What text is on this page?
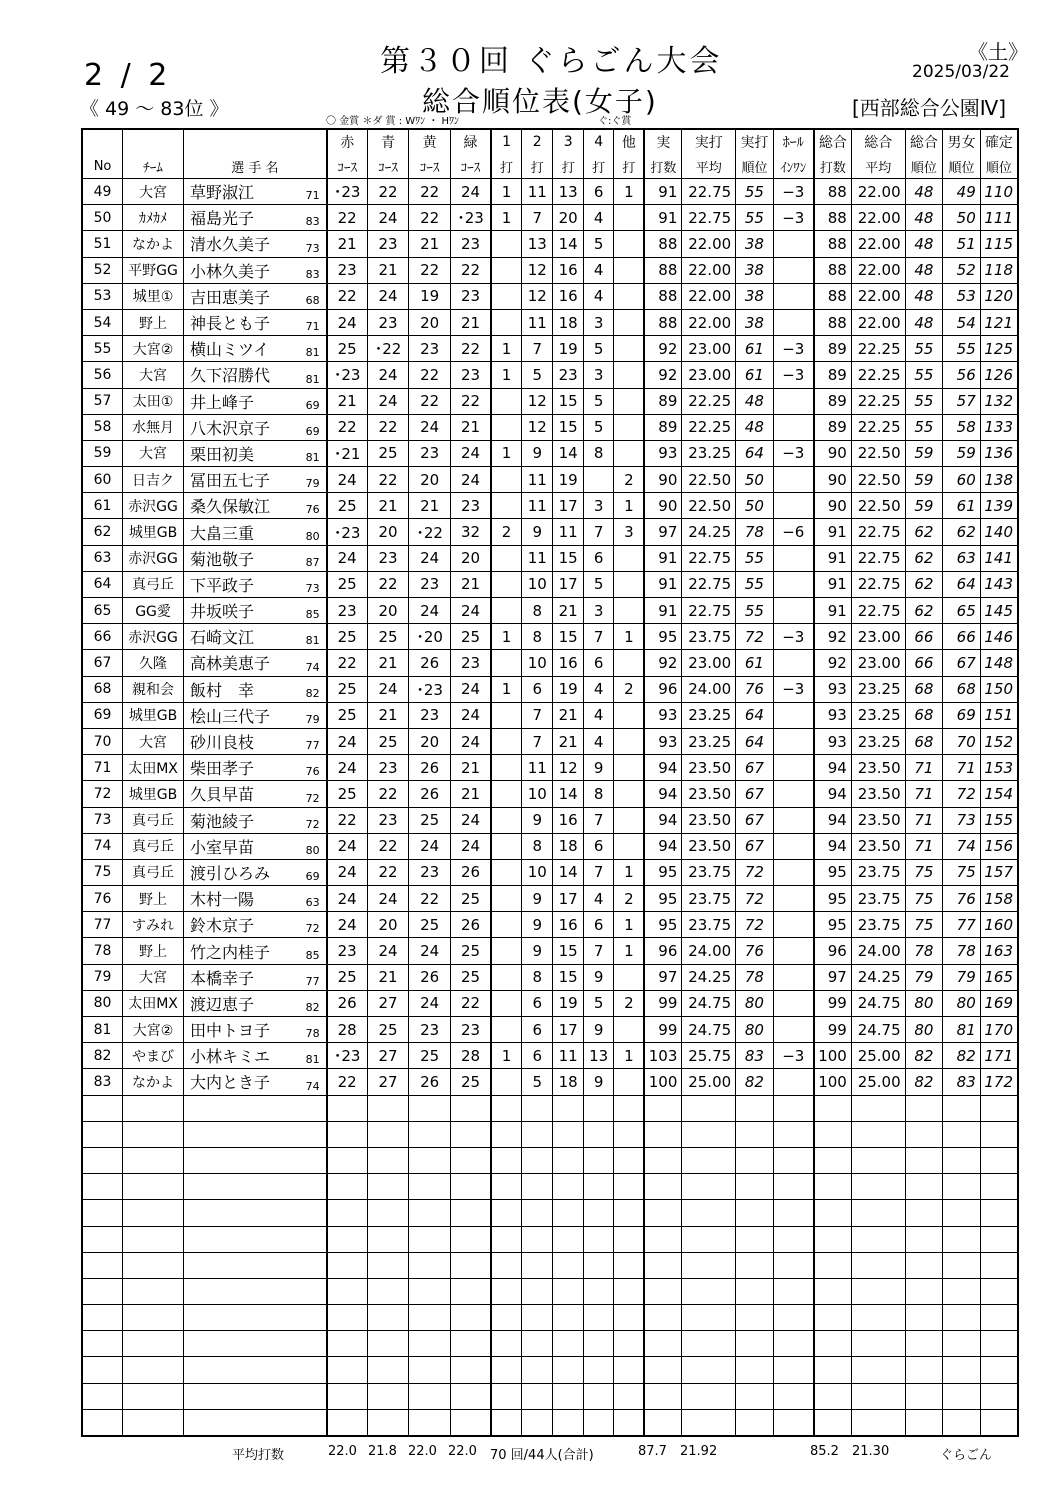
2 / 2
《 49 ～ 83位 》
第３０回 ぐらごん大会
総合順位表(女子)
〇 金賞 ＊ダ 賞 : Wﾜﾝ ・ Hﾜﾝ	ぐ:ぐ賞
《土》
2025/03/22
[西部総合公園Ⅳ]
			赤	青	黄	緑	1	2	3	4	他	実	実打	実打	ﾎｰﾙ	総合	総合	総合	男女	確定
No	ﾁｰﾑ	選 手 名	ｺｰｽ	ｺｰｽ	ｺｰｽ	ｺｰｽ	打	打	打	打	打	打数	平均	順位	ｲﾝﾜﾝ	打数	平均	順位	順位	順位
49	大宮	草野淑江 71	･23	22	22	24	1	11	13	6	1	91	22.75	55	−3	88	22.00	48	49	110
50	ｶﾒｶﾒ	福島光子 83	22	24	22	･23	1	7	20	4		91	22.75	55	−3	88	22.00	48	50	111
51	なかよ	清水久美子 73	21	23	21	23		13	14	5		88	22.00	38		88	22.00	48	51	115
52	平野GG	小林久美子 83	23	21	22	22		12	16	4		88	22.00	38		88	22.00	48	52	118
53	城里①	吉田恵美子 68	22	24	19	23		12	16	4		88	22.00	38		88	22.00	48	53	120
54	野上	神長とも子 71	24	23	20	21		11	18	3		88	22.00	38		88	22.00	48	54	121
55	大宮②	横山ミツイ 81	25	･22	23	22	1	7	19	5		92	23.00	61	−3	89	22.25	55	55	125
56	大宮	久下沼勝代 81	･23	24	22	23	1	5	23	3		92	23.00	61	−3	89	22.25	55	56	126
57	太田①	井上峰子 69	21	24	22	22		12	15	5		89	22.25	48		89	22.25	55	57	132
58	水無月	八木沢京子 69	22	22	24	21		12	15	5		89	22.25	48		89	22.25	55	58	133
59	大宮	栗田初美 81	･21	25	23	24	1	9	14	8		93	23.25	64	−3	90	22.50	59	59	136
60	日吉ク	冨田五七子 79	24	22	20	24		11	19		2	90	22.50	50		90	22.50	59	60	138
61	赤沢GG	桑久保敏江 76	25	21	21	23		11	17	3	1	90	22.50	50		90	22.50	59	61	139
62	城里GB	大畠三重 80	･23	20	･22	32	2	9	11	7	3	97	24.25	78	−6	91	22.75	62	62	140
63	赤沢GG	菊池敬子 87	24	23	24	20		11	15	6		91	22.75	55		91	22.75	62	63	141
64	真弓丘	下平政子 73	25	22	23	21		10	17	5		91	22.75	55		91	22.75	62	64	143
65	GG愛	井坂咲子 85	23	20	24	24		8	21	3		91	22.75	55		91	22.75	62	65	145
66	赤沢GG	石崎文江 81	25	25	･20	25	1	8	15	7	1	95	23.75	72	−3	92	23.00	66	66	146
67	久隆	高林美恵子 74	22	21	26	23		10	16	6		92	23.00	61		92	23.00	66	67	148
68	親和会	飯村　幸 82	25	24	･23	24	1	6	19	4	2	96	24.00	76	−3	93	23.25	68	68	150
69	城里GB	桧山三代子 79	25	21	23	24		7	21	4		93	23.25	64		93	23.25	68	69	151
70	大宮	砂川良枝 77	24	25	20	24		7	21	4		93	23.25	64		93	23.25	68	70	152
71	太田MX	柴田孝子 76	24	23	26	21		11	12	9		94	23.50	67		94	23.50	71	71	153
72	城里GB	久貝早苗 72	25	22	26	21		10	14	8		94	23.50	67		94	23.50	71	72	154
73	真弓丘	菊池綾子 72	22	23	25	24		9	16	7		94	23.50	67		94	23.50	71	73	155
74	真弓丘	小室早苗 80	24	22	24	24		8	18	6		94	23.50	67		94	23.50	71	74	156
75	真弓丘	渡引ひろみ 69	24	22	23	26		10	14	7	1	95	23.75	72		95	23.75	75	75	157
76	野上	木村一陽 63	24	24	22	25		9	17	4	2	95	23.75	72		95	23.75	75	76	158
77	すみれ	鈴木京子 72	24	20	25	26		9	16	6	1	95	23.75	72		95	23.75	75	77	160
78	野上	竹之内桂子 85	23	24	24	25		9	15	7	1	96	24.00	76		96	24.00	78	78	163
79	大宮	本橋幸子 77	25	21	26	25		8	15	9		97	24.25	78		97	24.25	79	79	165
80	太田MX	渡辺恵子 82	26	27	24	22		6	19	5	2	99	24.75	80		99	24.75	80	80	169
81	大宮②	田中トヨ子 78	28	25	23	23		6	17	9		99	24.75	80		99	24.75	80	81	170
82	やまび	小林キミエ 81	･23	27	25	28	1	6	11	13	1	103	25.75	83	−3	100	25.00	82	82	171
83	なかよ	大内とき子 74	22	27	26	25		5	18	9		100	25.00	82		100	25.00	82	83	172

平均打数	22.0 21.8 22.0 22.0 70 回/44人(合計)	87.7 21.92	85.2 21.30	ぐらごん
